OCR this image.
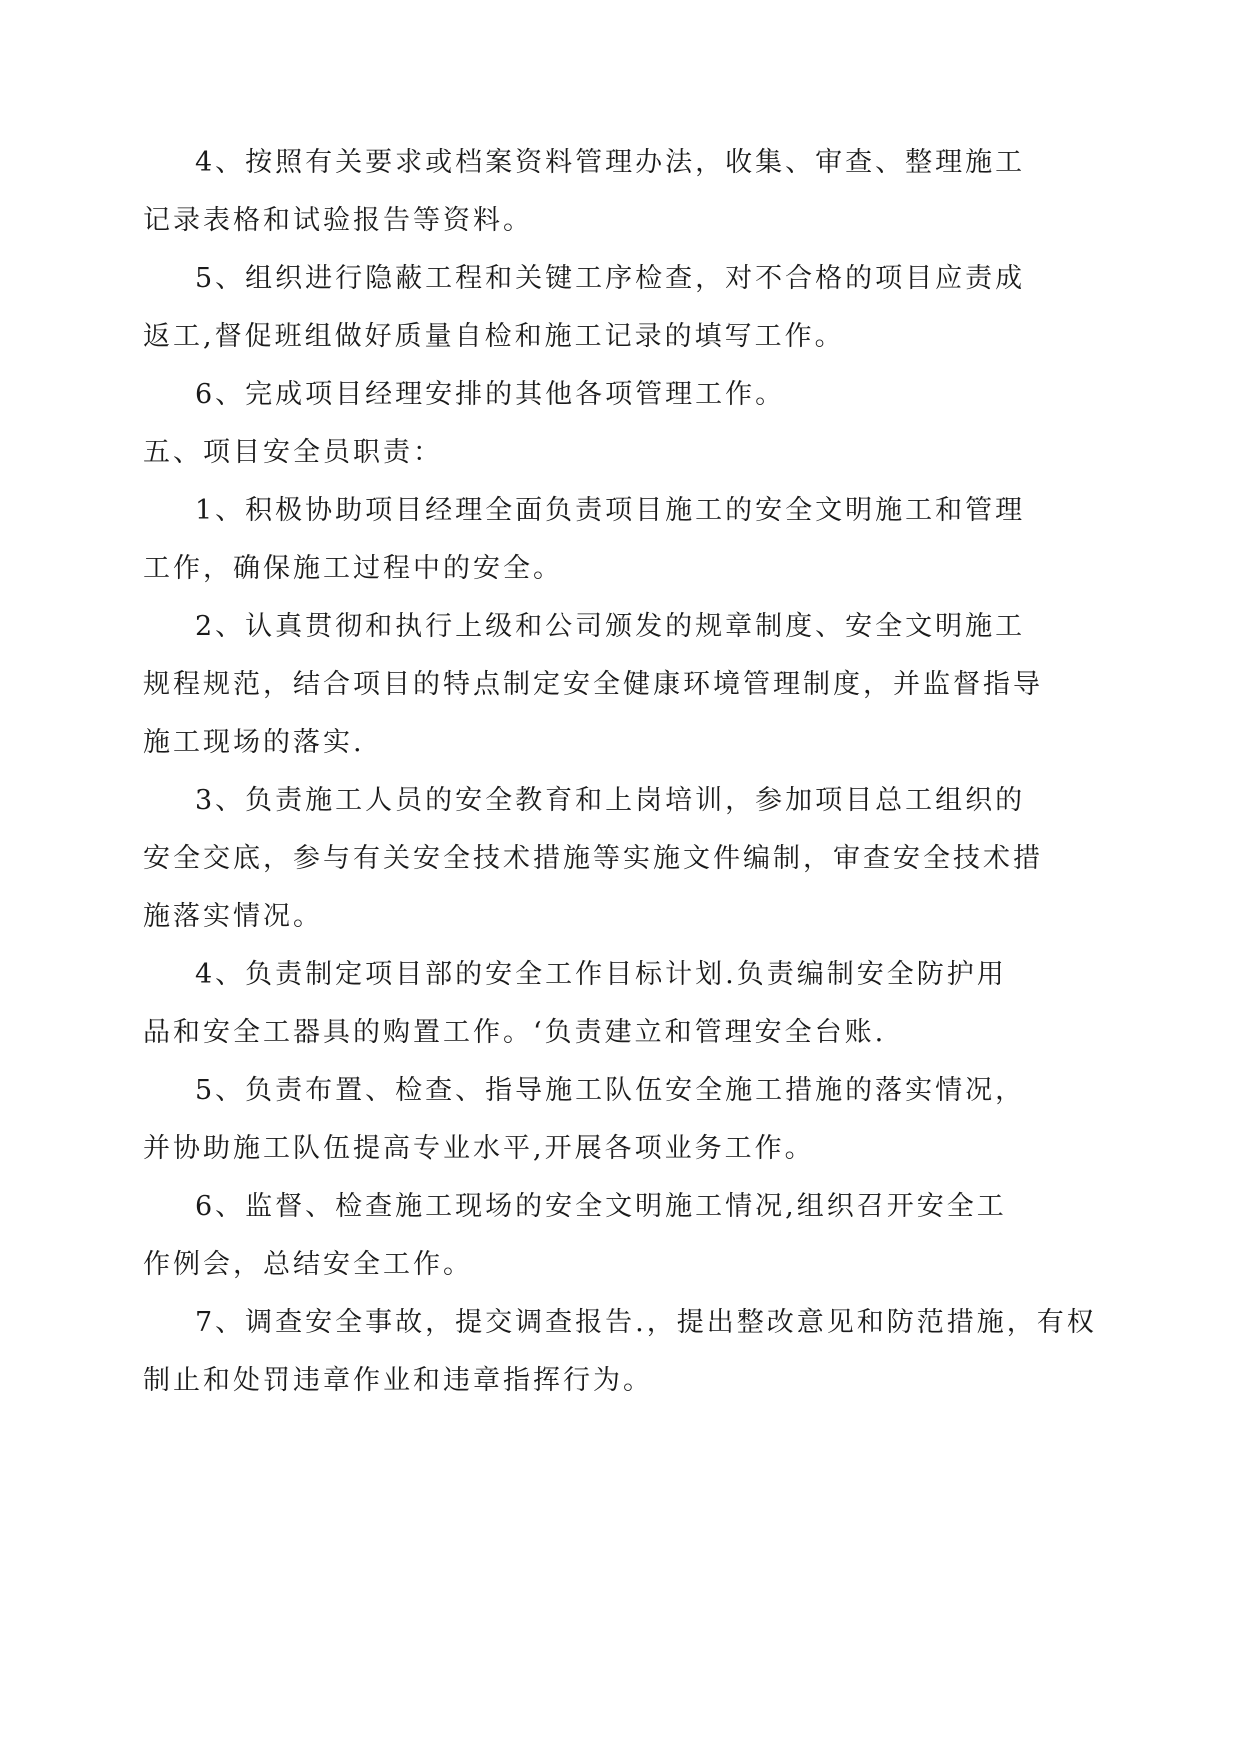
4、按照有关要求或档案资料管理办法，收集、审查、整理施工

记录表格和试验报告等资料。

5、组织进行隐蔽工程和关键工序检查，对不合格的项目应责成

返工,督促班组做好质量自检和施工记录的填写工作。

6、完成项目经理安排的其他各项管理工作。

五、项目安全员职责：

1、积极协助项目经理全面负责项目施工的安全文明施工和管理

工作，确保施工过程中的安全。

2、认真贯彻和执行上级和公司颁发的规章制度、安全文明施工

规程规范，结合项目的特点制定安全健康环境管理制度，并监督指导

施工现场的落实.

3、负责施工人员的安全教育和上岗培训，参加项目总工组织的

安全交底，参与有关安全技术措施等实施文件编制，审查安全技术措

施落实情况。

4、负责制定项目部的安全工作目标计划.负责编制安全防护用

品和安全工器具的购置工作。‘负责建立和管理安全台账.

5、负责布置、检查、指导施工队伍安全施工措施的落实情况，

并协助施工队伍提高专业水平,开展各项业务工作。

6、监督、检查施工现场的安全文明施工情况,组织召开安全工

作例会，总结安全工作。

7、调查安全事故，提交调查报告.，提出整改意见和防范措施，有权

制止和处罚违章作业和违章指挥行为。
